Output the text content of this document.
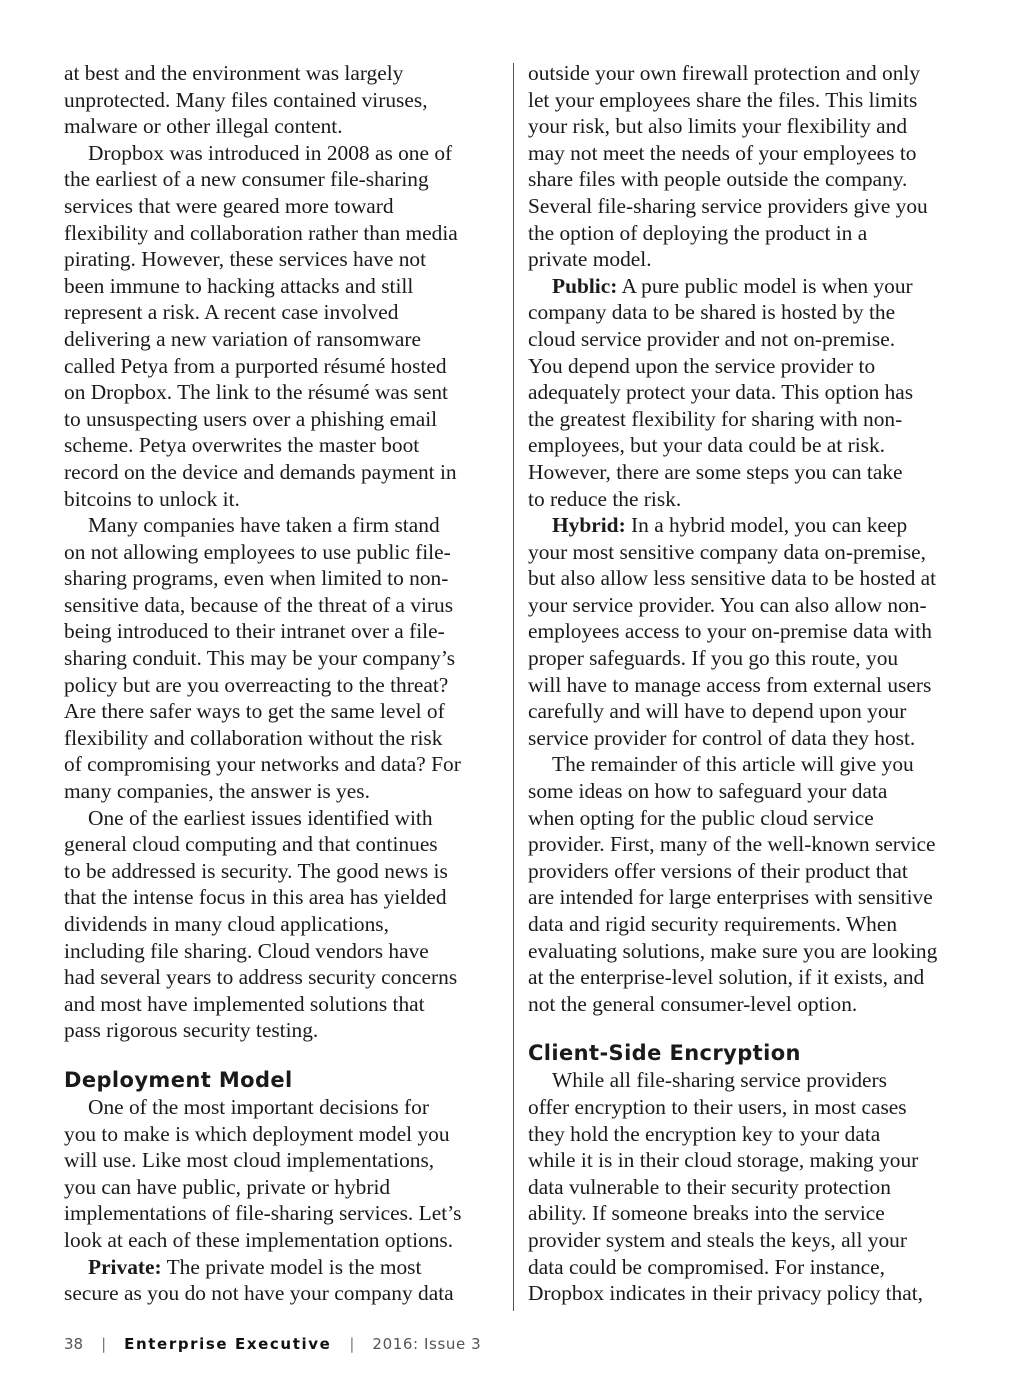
at best and the environment was largely
unprotected. Many files contained viruses,
malware or other illegal content.
Dropbox was introduced in 2008 as one of
the earliest of a new consumer file-sharing
services that were geared more toward
flexibility and collaboration rather than media
pirating. However, these services have not
been immune to hacking attacks and still
represent a risk. A recent case involved
delivering a new variation of ransomware
called Petya from a purported résumé hosted
on Dropbox. The link to the résumé was sent
to unsuspecting users over a phishing email
scheme. Petya overwrites the master boot
record on the device and demands payment in
bitcoins to unlock it.
Many companies have taken a firm stand
on not allowing employees to use public file-
sharing programs, even when limited to non-
sensitive data, because of the threat of a virus
being introduced to their intranet over a file-
sharing conduit. This may be your company’s
policy but are you overreacting to the threat?
Are there safer ways to get the same level of
flexibility and collaboration without the risk
of compromising your networks and data? For
many companies, the answer is yes.
One of the earliest issues identified with
general cloud computing and that continues
to be addressed is security. The good news is
that the intense focus in this area has yielded
dividends in many cloud applications,
including file sharing. Cloud vendors have
had several years to address security concerns
and most have implemented solutions that
pass rigorous security testing.
Deployment Model
One of the most important decisions for
you to make is which deployment model you
will use. Like most cloud implementations,
you can have public, private or hybrid
implementations of file-sharing services. Let’s
look at each of these implementation options.
Private: The private model is the most
secure as you do not have your company data
outside your own firewall protection and only
let your employees share the files. This limits
your risk, but also limits your flexibility and
may not meet the needs of your employees to
share files with people outside the company.
Several file-sharing service providers give you
the option of deploying the product in a
private model.
Public: A pure public model is when your
company data to be shared is hosted by the
cloud service provider and not on-premise.
You depend upon the service provider to
adequately protect your data. This option has
the greatest flexibility for sharing with non-
employees, but your data could be at risk.
However, there are some steps you can take
to reduce the risk.
Hybrid: In a hybrid model, you can keep
your most sensitive company data on-premise,
but also allow less sensitive data to be hosted at
your service provider. You can also allow non-
employees access to your on-premise data with
proper safeguards. If you go this route, you
will have to manage access from external users
carefully and will have to depend upon your
service provider for control of data they host.
The remainder of this article will give you
some ideas on how to safeguard your data
when opting for the public cloud service
provider. First, many of the well-known service
providers offer versions of their product that
are intended for large enterprises with sensitive
data and rigid security requirements. When
evaluating solutions, make sure you are looking
at the enterprise-level solution, if it exists, and
not the general consumer-level option.
Client-Side Encryption
While all file-sharing service providers
offer encryption to their users, in most cases
they hold the encryption key to your data
while it is in their cloud storage, making your
data vulnerable to their security protection
ability. If someone breaks into the service
provider system and steals the keys, all your
data could be compromised. For instance,
Dropbox indicates in their privacy policy that,
38 | Enterprise Executive | 2016: Issue 3
